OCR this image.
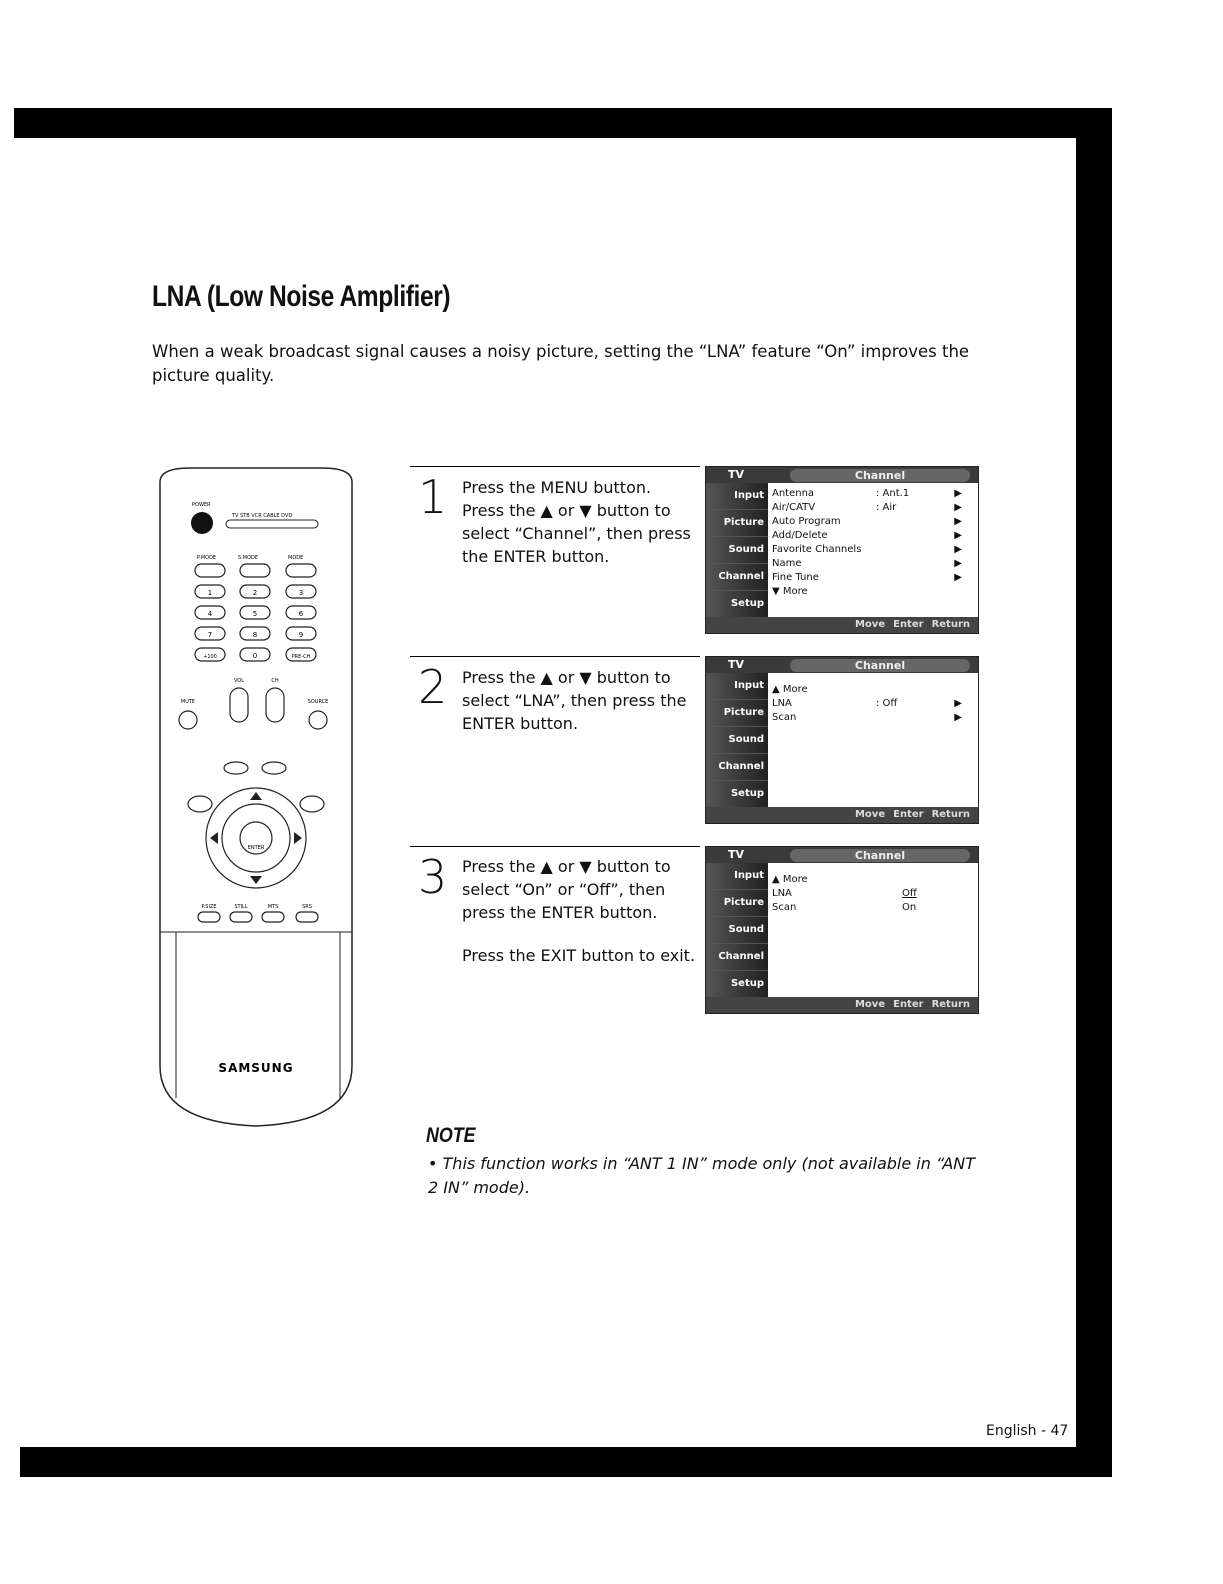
LNA (Low Noise Amplifier)
When a weak broadcast signal causes a noisy picture, setting the “LNA” feature “On” improves the picture quality.
POWER
TV STB VCR CABLE DVD
P.MODE	S.MODE	MODE
1	2	3
4	5	6
7	8	9
+100	0	PRE-CH
VOL	CH
MUTE	SOURCE
ENTER
P.SIZE	STILL	MTS	SRS
SAMSUNG
1 Press the MENU button.

Press the ▲ or ▼ button to select “Channel”, then press the ENTER button.

TV	Channel
Input
Picture
Sound
Channel
Setup
Antenna	: Ant.1	▶
Air/CATV	: Air	▶
Auto Program	▶
Add/Delete	▶
Favorite Channels	▶
Name	▶
Fine Tune	▶
▼ More
Move Enter Return
2 Press the ▲ or ▼ button to select “LNA”, then press the ENTER button.

TV	Channel
Input
Picture
Sound
Channel
Setup
▲ More
LNA	: Off	▶
Scan	▶
Move Enter Return
3 Press the ▲ or ▼ button to select “On” or “Off”, then press the ENTER button.

Press the EXIT button to exit.

TV	Channel
Input
Picture
Sound
Channel
Setup
▲ More
LNA	Off
Scan	On
Move Enter Return
NOTE
• This function works in “ANT 1 IN” mode only (not available in “ANT 2 IN” mode).
English - 47
